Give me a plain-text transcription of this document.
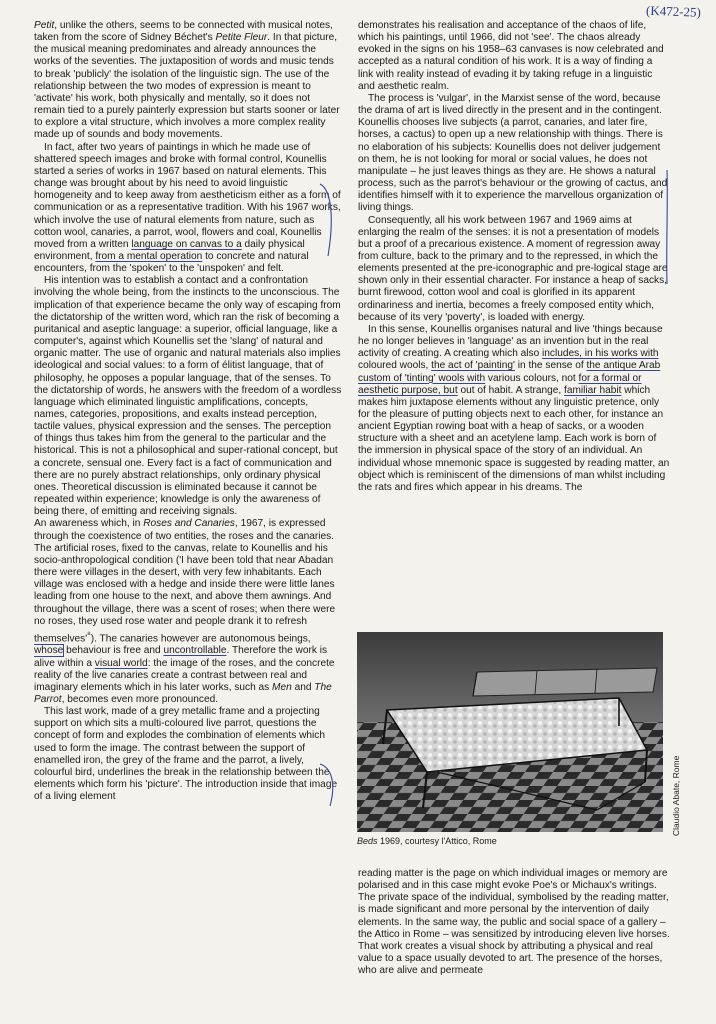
(K472-25)

Petit, unlike the others, seems to be connected with musical notes, taken from the score of Sidney Béchet's Petite Fleur. In that picture, the musical meaning predominates and already announces the works of the seventies. The juxtaposition of words and music tends to break 'publicly' the isolation of the linguistic sign. The use of the relationship between the two modes of expression is meant to 'activate' his work, both physically and mentally, so it does not remain tied to a purely painterly expression but starts sooner or later to explore a vital structure, which involves a more complex reality made up of sounds and body movements.

In fact, after two years of paintings in which he made use of shattered speech images and broke with formal control, Kounellis started a series of works in 1967 based on natural elements. This change was brought about by his need to avoid linguistic homogeneity and to keep away from aestheticism either as a form of communication or as a representative tradition. With his 1967 works, which involve the use of natural elements from nature, such as cotton wool, canaries, a parrot, wool, flowers and coal, Kounellis moved from a written language on canvas to a daily physical environment, from a mental operation to concrete and natural encounters, from the 'spoken' to the 'unspoken' and felt.

His intention was to establish a contact and a confrontation involving the whole being, from the instincts to the unconscious. The implication of that experience became the only way of escaping from the dictatorship of the written word, which ran the risk of becoming a puritanical and aseptic language: a superior, official language, like a computer's, against which Kounellis set the 'slang' of natural and organic matter. The use of organic and natural materials also implies ideological and social values: to a form of élitist language, that of philosophy, he opposes a popular language, that of the senses. To the dictatorship of words, he answers with the freedom of a wordless language which eliminated linguistic amplifications, concepts, names, categories, propositions, and exalts instead perception, tactile values, physical expression and the senses. The perception of things thus takes him from the general to the particular and the historical. This is not a philosophical and super-rational concept, but a concrete, sensual one. Every fact is a fact of communication and there are no purely abstract relationships, only ordinary physical ones. Theoretical discussion is eliminated because it cannot be repeated within experience; knowledge is only the awareness of being there, of emitting and receiving signals.

An awareness which, in Roses and Canaries, 1967, is expressed through the coexistence of two entities, the roses and the canaries. The artificial roses, fixed to the canvas, relate to Kounellis and his socio-anthropological condition ('I have been told that near Abadan there were villages in the desert, with very few inhabitants. Each village was enclosed with a hedge and inside there were little lanes leading from one house to the next, and above them awnings. And throughout the village, there was a scent of roses; when there were no roses, they used rose water and people drank it to refresh $themselves'^{^8}$). The canaries however are autonomous beings, whose behaviour is free and uncontrollable. Therefore the work is alive within a visual world: the image of the roses, and the concrete reality of the live canaries create a contrast between real and imaginary elements which in his later works, such as Men and The Parrot, becomes even more pronounced.

This last work, made of a grey metallic frame and a projecting support on which sits a multi-coloured live parrot, questions the concept of form and explodes the combination of elements which used to form the image. The contrast between the support of enamelled iron, the grey of the frame and the parrot, a lively, colourful bird, underlines the break in the relationship between the elements which form his 'picture'. The introduction inside that image of a living element

demonstrates his realisation and acceptance of the chaos of life, which his paintings, until 1966, did not 'see'. The chaos already evoked in the signs on his 1958–63 canvases is now celebrated and accepted as a natural condition of his work. It is a way of finding a link with reality instead of evading it by taking refuge in a linguistic and aesthetic realm.

The process is 'vulgar', in the Marxist sense of the word, because the drama of art is lived directly in the present and in the contingent. Kounellis chooses live subjects (a parrot, canaries, and later fire, horses, a cactus) to open up a new relationship with things. There is no elaboration of his subjects: Kounellis does not deliver judgement on them, he is not looking for moral or social values, he does not manipulate – he just leaves things as they are. He shows a natural process, such as the parrot's behaviour or the growing of cactus, and identifies himself with it to experience the marvellous organization of living things.

Consequently, all his work between 1967 and 1969 aims at enlarging the realm of the senses: it is not a presentation of models but a proof of a precarious existence. A moment of regression away from culture, back to the primary and to the repressed, in which the elements presented at the pre-iconographic and pre-logical stage are shown only in their essential character. For instance a heap of sacks, burnt firewood, cotton wool and coal is glorified in its apparent ordinariness and inertia, becomes a freely composed entity which, because of its very 'poverty', is loaded with energy.

In this sense, Kounellis organises natural and live 'things because he no longer believes in 'language' as an invention but in the real activity of creating. A creating which also includes, in his works with coloured wools, the act of 'painting' in the sense of the antique Arab custom of 'tinting' wools with various colours, not for a formal or aesthetic purpose, but out of habit. A strange, familiar habit which makes him juxtapose elements without any linguistic pretence, only for the pleasure of putting objects next to each other, for instance an ancient Egyptian rowing boat with a heap of sacks, or a wooden structure with a sheet and an acetylene lamp. Each work is born of the immersion in physical space of the story of an individual. An individual whose mnemonic space is suggested by reading matter, an object which is reminiscent of the dimensions of man whilst including the rats and fires which appear in his dreams. The

Beds 1969, courtesy l'Attico, Rome
Claudio Abate, Rome

reading matter is the page on which individual images or memory are polarised and in this case might evoke Poe's or Michaux's writings. The private space of the individual, symbolised by the reading matter, is made significant and more personal by the intervention of daily elements. In the same way, the public and social space of a gallery – the Attico in Rome – was sensitized by introducing eleven live horses. That work creates a visual shock by attributing a physical and real value to a space usually devoted to art. The presence of the horses, who are alive and permeate
